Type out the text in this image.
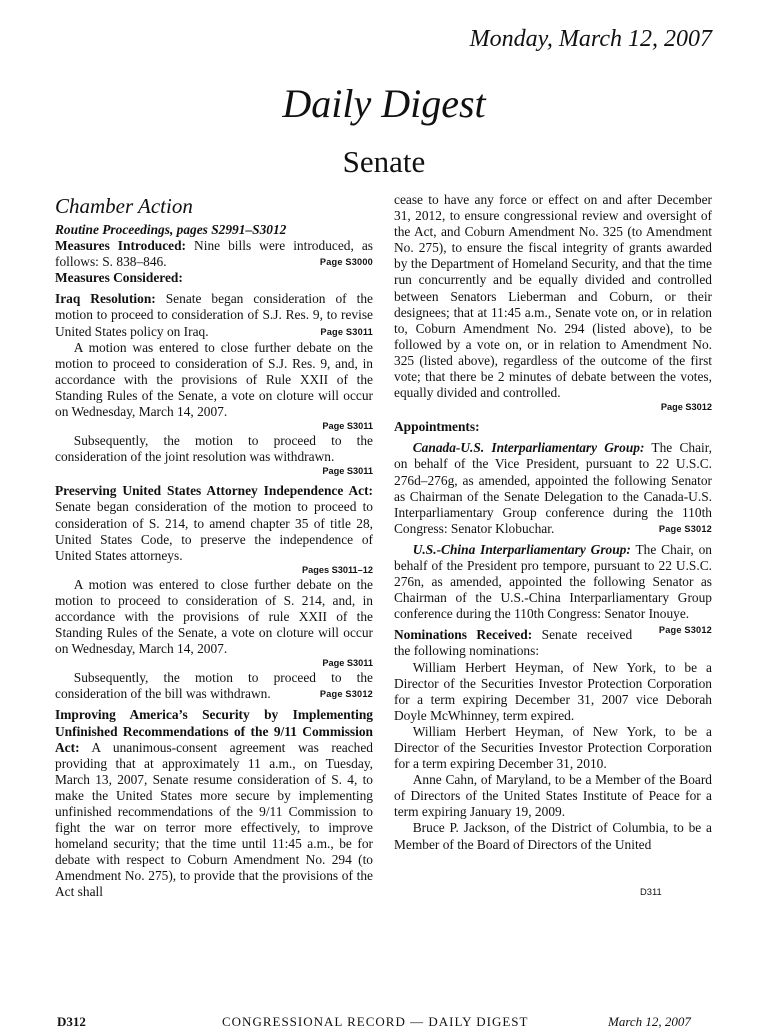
Monday, March 12, 2007

Daily Digest
Senate
Chamber Action

Routine Proceedings, pages S2991–S3012

Measures Introduced: Nine bills were introduced, as follows: S. 838–846.	Page S3000

Measures Considered:

Iraq Resolution: Senate began consideration of the motion to proceed to consideration of S.J. Res. 9, to revise United States policy on Iraq.	Page S3011

A motion was entered to close further debate on the motion to proceed to consideration of S.J. Res. 9, and, in accordance with the provisions of Rule XXII of the Standing Rules of the Senate, a vote on cloture will occur on Wednesday, March 14, 2007.

Page S3011

Subsequently, the motion to proceed to the consideration of the joint resolution was withdrawn.

Page S3011

Preserving United States Attorney Independence Act: Senate began consideration of the motion to proceed to consideration of S. 214, to amend chapter 35 of title 28, United States Code, to preserve the independence of United States attorneys.

Pages S3011–12

A motion was entered to close further debate on the motion to proceed to consideration of S. 214, and, in accordance with the provisions of rule XXII of the Standing Rules of the Senate, a vote on cloture will occur on Wednesday, March 14, 2007.

Page S3011

Subsequently, the motion to proceed to the consideration of the bill was withdrawn.	Page S3012

Improving America’s Security by Implementing Unfinished Recommendations of the 9/11 Commission Act: A unanimous-consent agreement was reached providing that at approximately 11 a.m., on Tuesday, March 13, 2007, Senate resume consideration of S. 4, to make the United States more secure by implementing unfinished recommendations of the 9/11 Commission to fight the war on terror more effectively, to improve homeland security; that the time until 11:45 a.m., be for debate with respect to Coburn Amendment No. 294 (to Amendment No. 275), to provide that the provisions of the Act shall

cease to have any force or effect on and after December 31, 2012, to ensure congressional review and oversight of the Act, and Coburn Amendment No. 325 (to Amendment No. 275), to ensure the fiscal integrity of grants awarded by the Department of Homeland Security, and that the time run concurrently and be equally divided and controlled between Senators Lieberman and Coburn, or their designees; that at 11:45 a.m., Senate vote on, or in relation to, Coburn Amendment No. 294 (listed above), to be followed by a vote on, or in relation to Amendment No. 325 (listed above), regardless of the outcome of the first vote; that there be 2 minutes of debate between the votes, equally divided and controlled.

Page S3012

Appointments:

Canada-U.S. Interparliamentary Group: The Chair, on behalf of the Vice President, pursuant to 22 U.S.C. 276d–276g, as amended, appointed the following Senator as Chairman of the Senate Delegation to the Canada-U.S. Interparliamentary Group conference during the 110th Congress: Senator Klobuchar.	Page S3012

U.S.-China Interparliamentary Group: The Chair, on behalf of the President pro tempore, pursuant to 22 U.S.C. 276n, as amended, appointed the following Senator as Chairman of the U.S.-China Interparliamentary Group conference during the 110th Congress: Senator Inouye.
Page S3012

Nominations Received: Senate received the following nominations:

William Herbert Heyman, of New York, to be a Director of the Securities Investor Protection Corporation for a term expiring December 31, 2007 vice Deborah Doyle McWhinney, term expired.

William Herbert Heyman, of New York, to be a Director of the Securities Investor Protection Corporation for a term expiring December 31, 2010.

Anne Cahn, of Maryland, to be a Member of the Board of Directors of the United States Institute of Peace for a term expiring January 19, 2009.

Bruce P. Jackson, of the District of Columbia, to be a Member of the Board of Directors of the United

D311
D312	CONGRESSIONAL RECORD — DAILY DIGEST	March 12, 2007
